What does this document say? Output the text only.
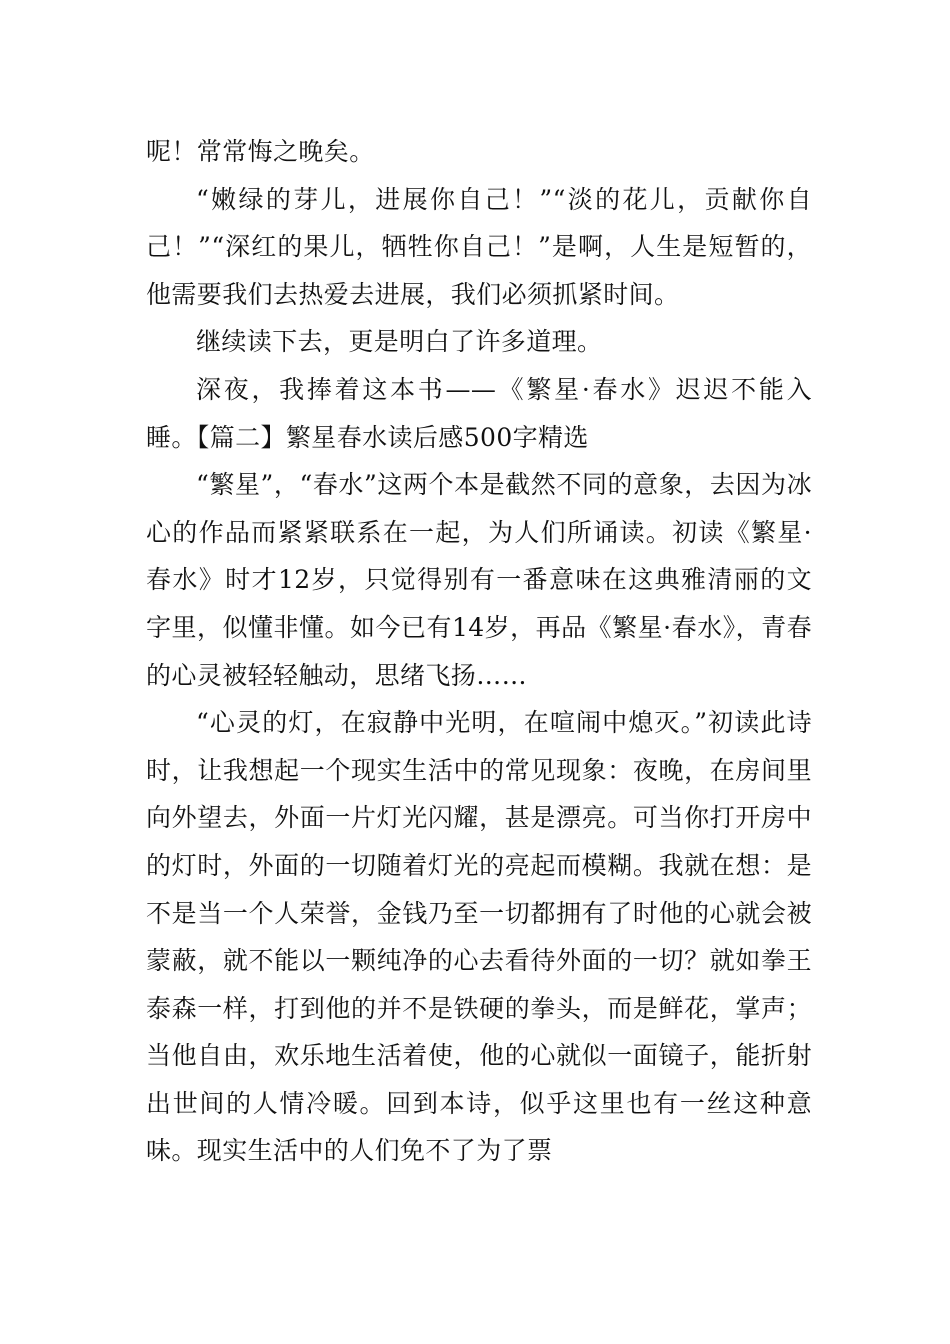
呢！常常悔之晚矣。

“嫩绿的芽儿，进展你自己！”“淡的花儿，贡献你自己！”“深红的果儿，牺牲你自己！”是啊，人生是短暂的，他需要我们去热爱去进展，我们必须抓紧时间。

继续读下去，更是明白了许多道理。

深夜，我捧着这本书——《繁星·春水》迟迟不能入睡。【篇二】繁星春水读后感500字精选

“繁星”，“春水”这两个本是截然不同的意象，去因为冰心的作品而紧紧联系在一起，为人们所诵读。初读《繁星·春水》时才12岁，只觉得别有一番意味在这典雅清丽的文字里，似懂非懂。如今已有14岁，再品《繁星·春水》，青春的心灵被轻轻触动，思绪飞扬……

“心灵的灯，在寂静中光明，在喧闹中熄灭。”初读此诗时，让我想起一个现实生活中的常见现象：夜晚，在房间里向外望去，外面一片灯光闪耀，甚是漂亮。可当你打开房中的灯时，外面的一切随着灯光的亮起而模糊。我就在想：是不是当一个人荣誉，金钱乃至一切都拥有了时他的心就会被蒙蔽，就不能以一颗纯净的心去看待外面的一切？就如拳王泰森一样，打到他的并不是铁硬的拳头，而是鲜花，掌声；当他自由，欢乐地生活着使，他的心就似一面镜子，能折射出世间的人情冷暖。回到本诗，似乎这里也有一丝这种意味。现实生活中的人们免不了为了票
